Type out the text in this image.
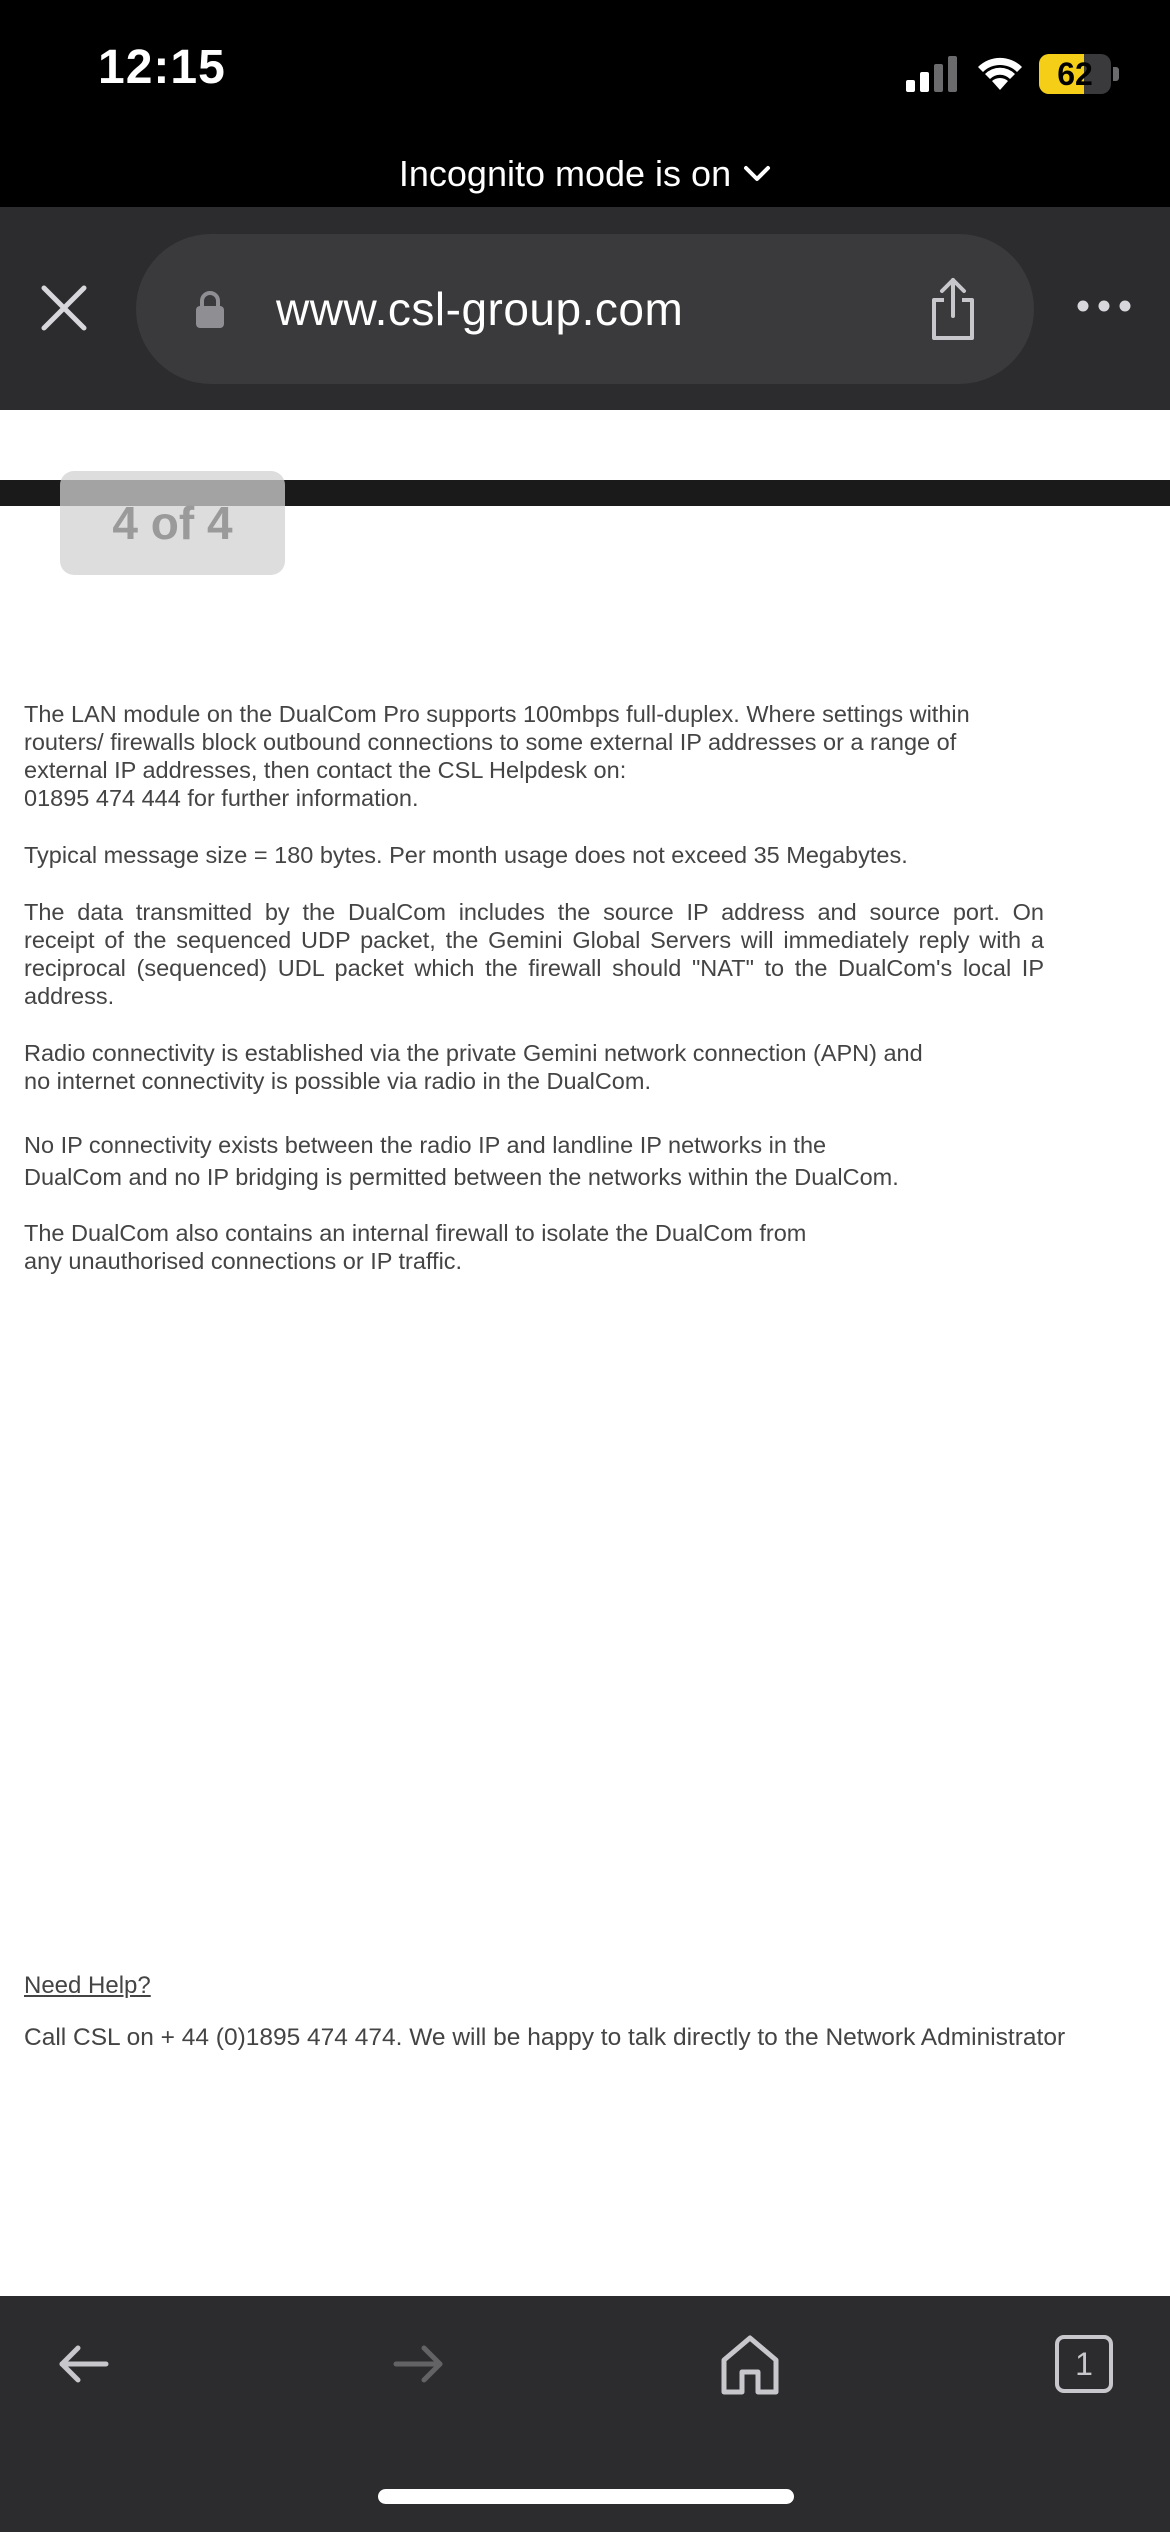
12:15	62
Incognito mode is on
www.csl-group.com
4 of 4

The LAN module on the DualCom Pro supports 100mbps full-duplex. Where settings within
routers/ firewalls block outbound connections to some external IP addresses or a range of
external IP addresses, then contact the CSL Helpdesk on:
01895 474 444 for further information.

Typical message size = 180 bytes. Per month usage does not exceed 35 Megabytes.

The data transmitted by the DualCom includes the source IP address and source port. On
receipt of the sequenced UDP packet, the Gemini Global Servers will immediately reply with a
reciprocal (sequenced) UDL packet which the firewall should "NAT" to the DualCom's local IP
address.

Radio connectivity is established via the private Gemini network connection (APN) and
no internet connectivity is possible via radio in the DualCom.

No IP connectivity exists between the radio IP and landline IP networks in the
DualCom and no IP bridging is permitted between the networks within the DualCom.

The DualCom also contains an internal firewall to isolate the DualCom from
any unauthorised connections or IP traffic.

Need Help?
Call CSL on + 44 (0)1895 474 474. We will be happy to talk directly to the Network Administrator
1
